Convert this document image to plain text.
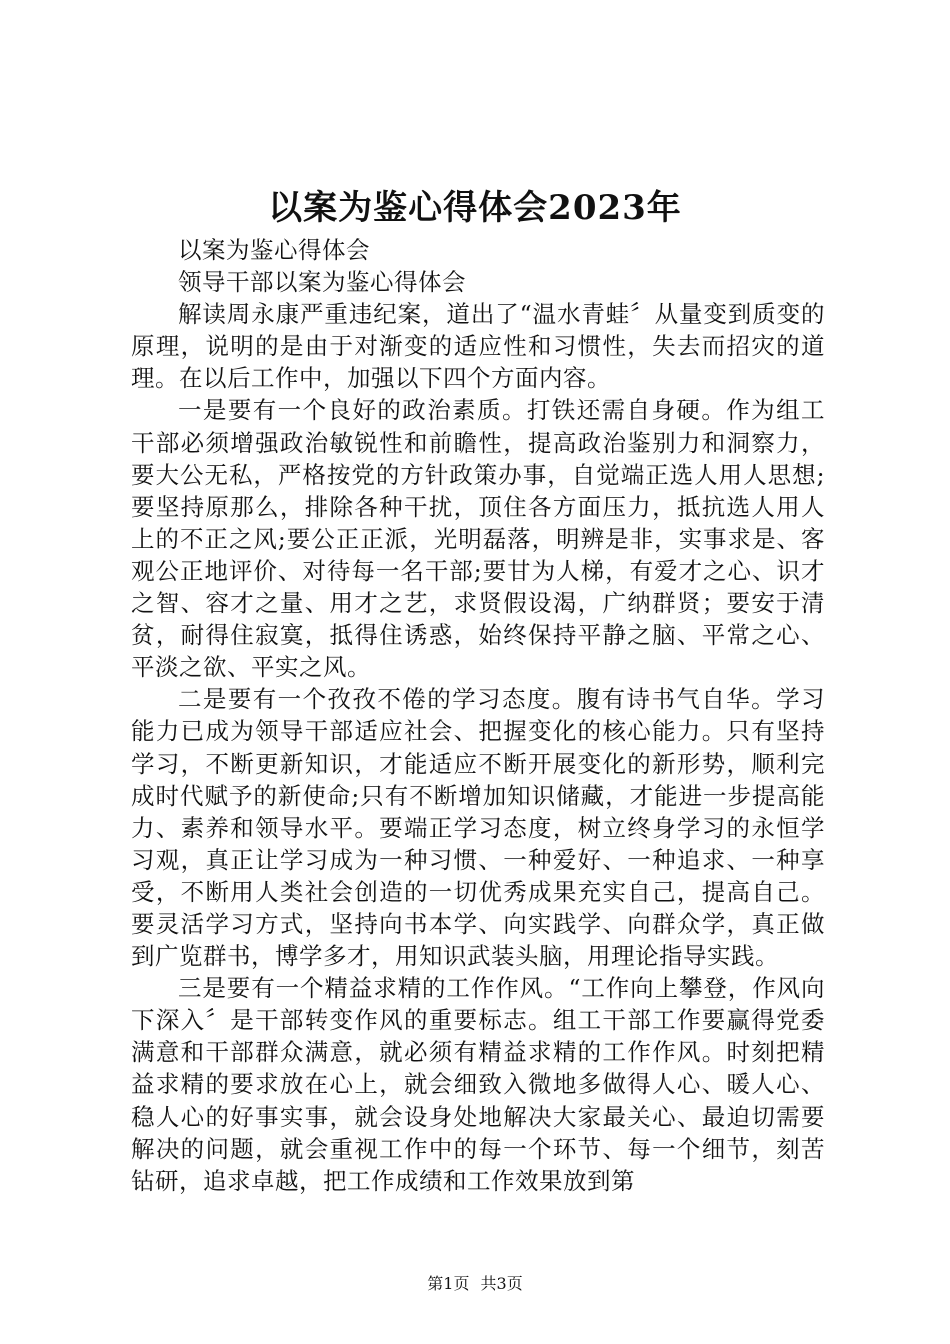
以案为鉴心得体会2023年

以案为鉴心得体会

领导干部以案为鉴心得体会

解读周永康严重违纪案，道出了“温水青蛙〞从量变到质变的原理，说明的是由于对渐变的适应性和习惯性，失去而招灾的道理。在以后工作中，加强以下四个方面内容。

一是要有一个良好的政治素质。打铁还需自身硬。作为组工干部必须增强政治敏锐性和前瞻性，提高政治鉴别力和洞察力，要大公无私，严格按党的方针政策办事，自觉端正选人用人思想;要坚持原那么，排除各种干扰，顶住各方面压力，抵抗选人用人上的不正之风;要公正正派，光明磊落，明辨是非，实事求是、客观公正地评价、对待每一名干部;要甘为人梯，有爱才之心、识才之智、容才之量、用才之艺，求贤假设渴，广纳群贤；要安于清贫，耐得住寂寞，抵得住诱惑，始终保持平静之脑、平常之心、平淡之欲、平实之风。

二是要有一个孜孜不倦的学习态度。腹有诗书气自华。学习能力已成为领导干部适应社会、把握变化的核心能力。只有坚持学习，不断更新知识，才能适应不断开展变化的新形势，顺利完成时代赋予的新使命;只有不断增加知识储藏，才能进一步提高能力、素养和领导水平。要端正学习态度，树立终身学习的永恒学习观，真正让学习成为一种习惯、一种爱好、一种追求、一种享受，不断用人类社会创造的一切优秀成果充实自己，提高自己。要灵活学习方式，坚持向书本学、向实践学、向群众学，真正做到广览群书，博学多才，用知识武装头脑，用理论指导实践。

三是要有一个精益求精的工作作风。“工作向上攀登，作风向下深入〞是干部转变作风的重要标志。组工干部工作要赢得党委满意和干部群众满意，就必须有精益求精的工作作风。时刻把精益求精的要求放在心上，就会细致入微地多做得人心、暖人心、稳人心的好事实事，就会设身处地解决大家最关心、最迫切需要解决的问题，就会重视工作中的每一个环节、每一个细节，刻苦钻研，追求卓越，把工作成绩和工作效果放到第

第1页 共3页
